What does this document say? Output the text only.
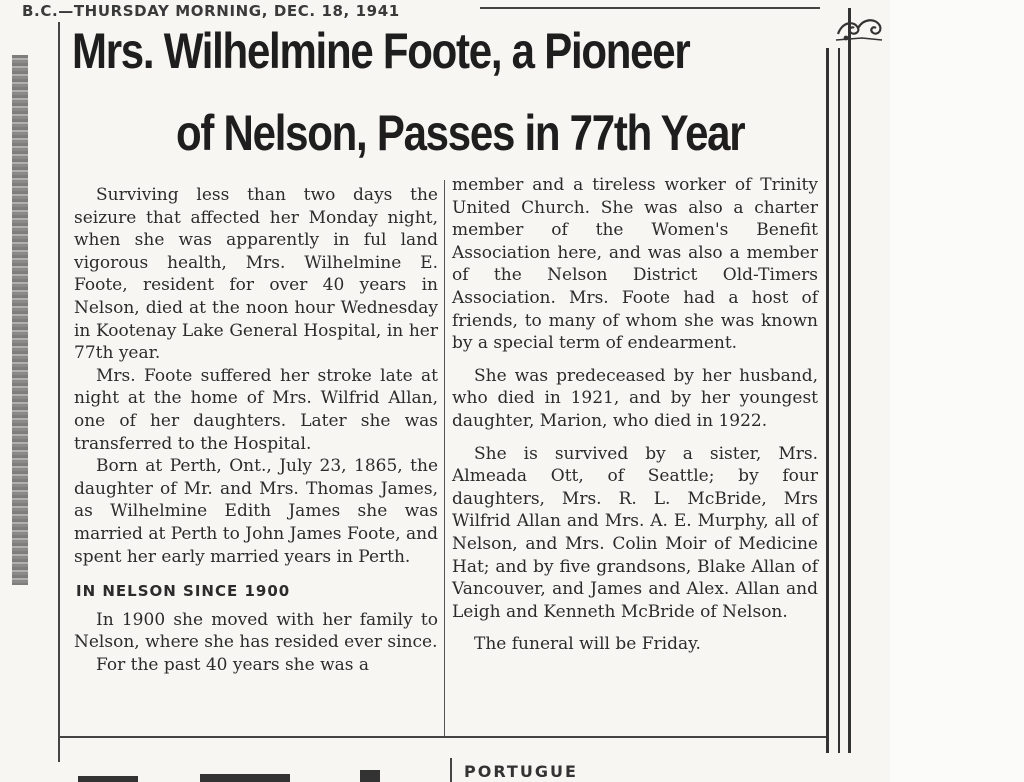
B.C.—THURSDAY MORNING, DEC. 18, 1941
Mrs. Wilhelmine Foote, a Pioneer
of Nelson, Passes in 77th Year

Surviving less than two days the seizure that affected her Monday night, when she was apparently in ful land vigorous health, Mrs. Wilhelmine E. Foote, resident for over 40 years in Nelson, died at the noon hour Wednesday in Kootenay Lake General Hospital, in her 77th year.

Mrs. Foote suffered her stroke late at night at the home of Mrs. Wilfrid Allan, one of her daughters. Later she was transferred to the Hospital.

Born at Perth, Ont., July 23, 1865, the daughter of Mr. and Mrs. Thomas James, as Wilhelmine Edith James she was married at Perth to John James Foote, and spent her early married years in Perth.

IN NELSON SINCE 1900

In 1900 she moved with her family to Nelson, where she has resided ever since.

For the past 40 years she was a

member and a tireless worker of Trinity United Church. She was also a charter member of the Women's Benefit Association here, and was also a member of the Nelson District Old-Timers Association. Mrs. Foote had a host of friends, to many of whom she was known by a special term of endearment.

She was predeceased by her husband, who died in 1921, and by her youngest daughter, Marion, who died in 1922.

She is survived by a sister, Mrs. Almeada Ott, of Seattle; by four daughters, Mrs. R. L. McBride, Mrs Wilfrid Allan and Mrs. A. E. Murphy, all of Nelson, and Mrs. Colin Moir of Medicine Hat; and by five grandsons, Blake Allan of Vancouver, and James and Alex. Allan and Leigh and Kenneth McBride of Nelson.

The funeral will be Friday.

PORTUGUE
